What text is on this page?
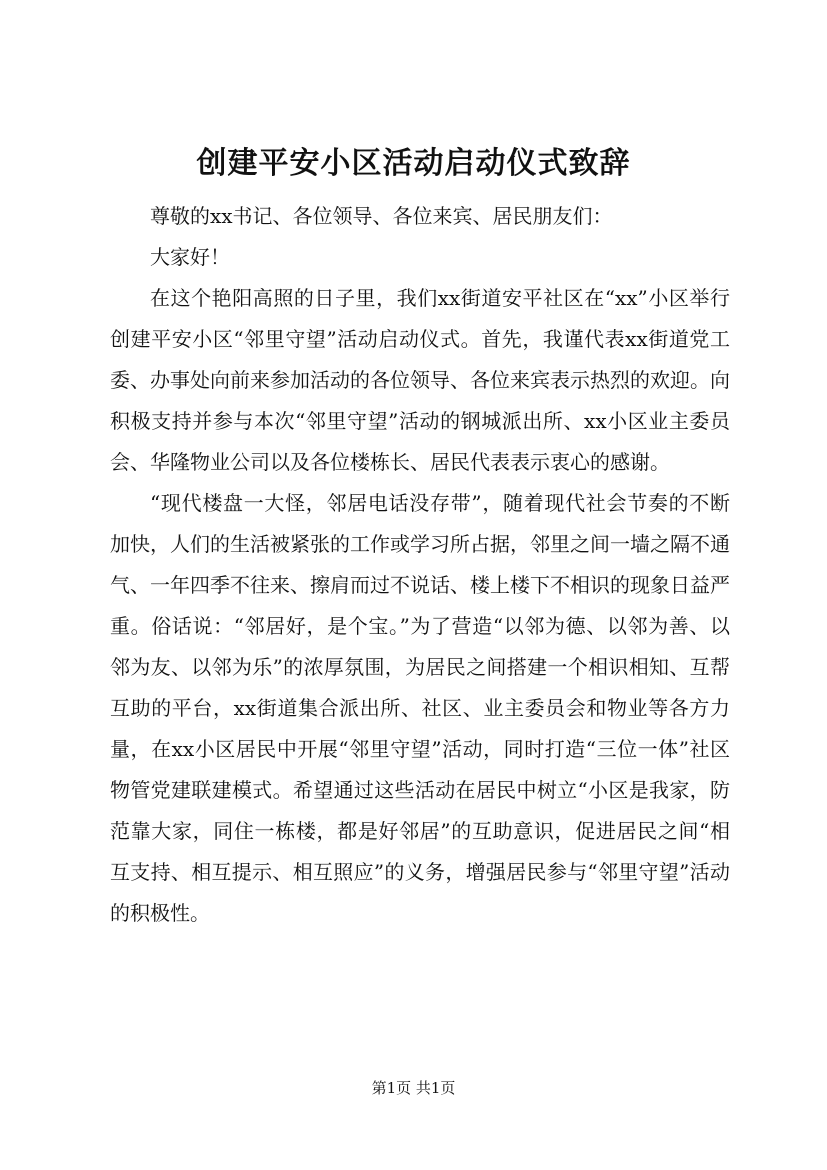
创建平安小区活动启动仪式致辞

尊敬的xx书记、各位领导、各位来宾、居民朋友们：

大家好！

在这个艳阳高照的日子里，我们xx街道安平社区在“xx”小区举行创建平安小区“邻里守望”活动启动仪式。首先，我谨代表xx街道党工委、办事处向前来参加活动的各位领导、各位来宾表示热烈的欢迎。向积极支持并参与本次“邻里守望”活动的钢城派出所、xx小区业主委员会、华隆物业公司以及各位楼栋长、居民代表表示衷心的感谢。

“现代楼盘一大怪，邻居电话没存带”，随着现代社会节奏的不断加快，人们的生活被紧张的工作或学习所占据，邻里之间一墙之隔不通气、一年四季不往来、擦肩而过不说话、楼上楼下不相识的现象日益严重。俗话说：“邻居好，是个宝。”为了营造“以邻为德、以邻为善、以邻为友、以邻为乐”的浓厚氛围，为居民之间搭建一个相识相知、互帮互助的平台，xx街道集合派出所、社区、业主委员会和物业等各方力量，在xx小区居民中开展“邻里守望”活动，同时打造“三位一体”社区物管党建联建模式。希望通过这些活动在居民中树立“小区是我家，防范靠大家，同住一栋楼，都是好邻居”的互助意识，促进居民之间“相互支持、相互提示、相互照应”的义务，增强居民参与“邻里守望”活动的积极性。

第1页 共1页
